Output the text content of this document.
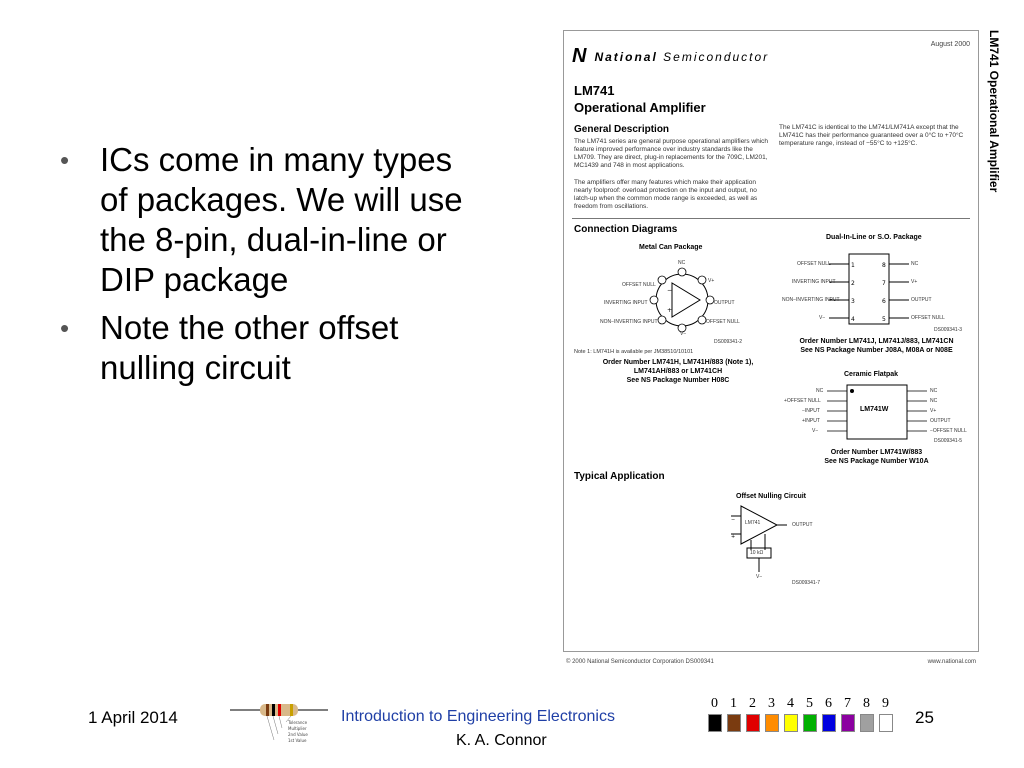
• ICs come in many types of packages. We will use the 8-pin, dual-in-line or DIP package
• Note the other offset nulling circuit
N National
Semiconductor
August 2000
LM741
Operational Amplifier
General Description
The LM741 series are general purpose operational amplifiers which feature improved performance over industry standards like the LM709. They are direct, plug-in replacements for the 709C, LM201, MC1439 and 748 in most applications.
The amplifiers offer many features which make their application nearly foolproof: overload protection on the input and output, no latch-up when the common mode range is exceeded, as well as freedom from oscillations.
The LM741C is identical to the LM741/LM741A except that the LM741C has their performance guaranteed over a 0°C to +70°C temperature range, instead of −55°C to +125°C.
Connection Diagrams
Metal Can Package
−
+
NC
OFFSET NULL
V+
INVERTING INPUT	OUTPUT
NON−INVERTING INPUT	OFFSET NULL
V−
DS009341-2
Note 1: LM741H is available per JM38510/10101
Order Number LM741H, LM741H/883 (Note 1),
LM741AH/883 or LM741CH
See NS Package Number H08C
Dual-In-Line or S.O. Package
1
2
3
4
8
7
6
5
OFFSET NULL
INVERTING INPUT
NON−INVERTING INPUT
V−
NC
V+
OUTPUT
OFFSET NULL
DS009341-3
Order Number LM741J, LM741J/883, LM741CN
See NS Package Number J08A, M08A or N08E
Ceramic Flatpak
LM741W
NC
+OFFSET NULL
−INPUT
+INPUT
V−
NC
NC
V+
OUTPUT
−OFFSET NULL
DS009341-5
Order Number LM741W/883
See NS Package Number W10A
Typical Application
Offset Nulling Circuit
−
+
LM741	OUTPUT
10 kΩ
V−
DS009341-7
© 2000 National Semiconductor Corporation DS009341	www.national.com
LM741 Operational Amplifier
1 April 2014	Tolerance
Multiplier
2nd Value
1st Value
Introduction to Engineering Electronics
K. A. Connor
0 1 2 3 4 5 6 7 8 9
25
